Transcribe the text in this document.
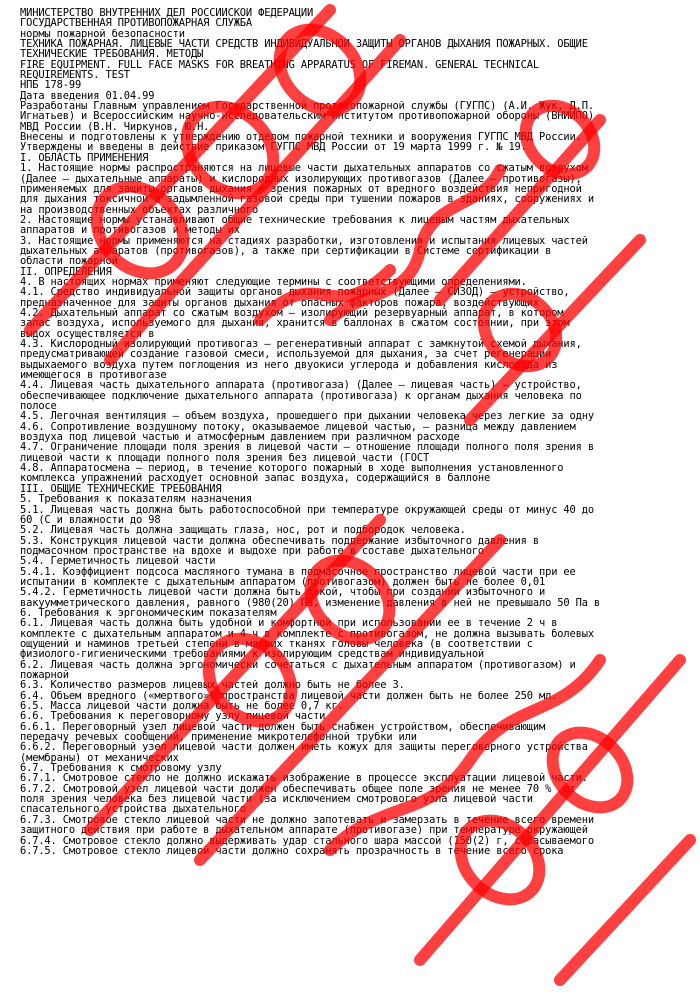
МИНИСТЕРСТВО ВНУТРЕННИХ ДЕЛ РОССИЙСКОЙ ФЕДЕРАЦИИ
ГОСУДАРСТВЕННАЯ ПРОТИВОПОЖАРНАЯ СЛУЖБА
нормы пожарной безопасности
ТЕХНИКА ПОЖАРНАЯ. ЛИЦЕВЫЕ ЧАСТИ СРЕДСТВ ИНДИВИДУАЛЬНОЙ ЗАЩИТЫ ОРГАНОВ ДЫХАНИЯ ПОЖАРНЫХ. ОБЩИЕ
ТЕХНИЧЕСКИЕ ТРЕБОВАНИЯ. МЕТОДЫ
FIRE EQUIPMENT. FULL FACE MASKS FOR BREATHING APPARATUS OF FIREMAN. GENERAL TECHNICAL
REQUIREMENTS. TEST
НПБ 178-99
Дата введения 01.04.99
Разработаны Главным управлением Государственной противопожарной службы (ГУГПС) (А.И. Жук, Д.П.
Игнатьев) и Всероссийским научно-исследовательским институтом противопожарной обороны (ВНИИПО)
МВД России (В.Н. Чиркунов, Ю.Н.
Внесены и подготовлены к утверждению отделом пожарной техники и вооружения ГУГПС МВД России.
Утверждены и введены в действие приказом ГУГПС МВД России от 19 марта 1999 г. № 19.
I. ОБЛАСТЬ ПРИМЕНЕНИЯ
1. Настоящие нормы распространяются на лицевые части дыхательных аппаратов со сжатым воздухом
(Далее – дыхательные аппараты) и кислородных изолирующих противогазов (Далее – противогазы),
применяемых для защиты органов дыхания и зрения пожарных от вредного воздействия непригодной
для дыхания токсичной и задымленной газовой среды при тушении пожаров в зданиях, сооружениях и
на производственных объектах различного
2. Настоящие нормы устанавливают общие технические требования к лицевым частям дыхательных
аппаратов и противогазов и методы их
3. Настоящие нормы применяются на стадиях разработки, изготовления и испытания лицевых частей
дыхательных аппаратов (противогазов), а также при сертификации в Системе сертификации в
области пожарной
II. ОПРЕДЕЛЕНИЯ
4. В настоящих нормах применяют следующие термины с соответствующими определениями.
4.1. Средство индивидуальной защиты органов дыхания пожарных (Далее – СИЗОД) – устройство,
предназначенное для защиты органов дыхания от опасных факторов пожара, воздействующих
4.2. Дыхательный аппарат со сжатым воздухом – изолирующий резервуарный аппарат, в котором
запас воздуха, используемого для дыхания, хранится в баллонах в сжатом состоянии, при этом
выдох осуществляется в
4.3. Кислородный изолирующий противогаз – регенеративный аппарат с замкнутой схемой дыхания,
предусматривающей создание газовой смеси, используемой для дыхания, за счет регенерации
выдыхаемого воздуха путем поглощения из него двуокиси углерода и добавления кислорода из
имеющегося в противогазе
4.4. Лицевая часть дыхательного аппарата (противогаза) (Далее – лицевая часть) – устройство,
обеспечивающее подключение дыхательного аппарата (противогаза) к органам дыхания человека по
полосе
4.5. Легочная вентиляция – объем воздуха, прошедшего при дыхании человека через легкие за одну
4.6. Сопротивление воздушному потоку, оказываемое лицевой частью, – разница между давлением
воздуха под лицевой частью и атмосферным давлением при различном расходе
4.7. Ограничение площади поля зрения в лицевой части – отношение площади полного поля зрения в
лицевой части к площади полного поля зрения без лицевой части (ГОСТ
4.8. Аппаратосмена – период, в течение которого пожарный в ходе выполнения установленного
комплекса упражнений расходует основной запас воздуха, содержащийся в баллоне
III. ОБЩИЕ ТЕХНИЧЕСКИЕ ТРЕБОВАНИЯ
5. Требования к показателям назначения
5.1. Лицевая часть должна быть работоспособной при температуре окружающей среды от минус 40 до
60 (С и влажности до 98
5.2. Лицевая часть должна защищать глаза, нос, рот и подбородок человека.
5.3. Конструкция лицевой части должна обеспечивать поддержание избыточного давления в
подмасочном пространстве на вдохе и выдохе при работе в составе дыхательного
5.4. Герметичность лицевой части
5.4.1. Коэффициент подсоса масляного тумана в подмасочное пространство лицевой части при ее
испытании в комплекте с дыхательным аппаратом (противогазом) должен быть не более 0,01
5.4.2. Герметичность лицевой части должна быть такой, чтобы при создании избыточного и
вакуумметрического давления, равного (980(20) Па, изменение давления в ней не превышало 50 Па в
6. Требования к эргономическим показателям
6.1. Лицевая часть должна быть удобной и комфортной при использовании ее в течение 2 ч в
комплекте с дыхательным аппаратом и 4 ч в комплекте с противогазом, не должна вызывать болевых
ощущений и наминов третьей степени в мягких тканях головы человека (в соответствии с
физиолого-гигиеническими требованиями к изолирующим средствам индивидуальной
6.2. Лицевая часть должна эргономически сочетаться с дыхательным аппаратом (противогазом) и
пожарной
6.3. Количество размеров лицевых частей должно быть не более 3.
6.4. Объем вредного («мертвого») пространства лицевой части должен быть не более 250 мл.
6.5. Масса лицевой части должна быть не более 0,7 кг.
6.6. Требования к переговорному узлу лицевой части
6.6.1. Переговорный узел лицевой части должен быть снабжен устройством, обеспечивающим
передачу речевых сообщений, применение микротелефонной трубки или
6.6.2. Переговорный узел лицевой части должен иметь кожух для защиты переговорного устройства
(мембраны) от механических
6.7. Требования к смотровому узлу
6.7.1. Смотровое стекло не должно искажать изображение в процессе эксплуатации лицевой части.
6.7.2. Смотровой узел лицевой части должен обеспечивать общее поле зрения не менее 70 %  от
поля зрения человека без лицевой части (за исключением смотрового узла лицевой части
спасательного устройства дыхательного
6.7.3. Смотровое стекло лицевой части не должно запотевать и замерзать в течение всего времени
защитного действия при работе в дыхательном аппарате (противогазе) при температуре окружающей
6.7.4. Смотровое стекло должно выдерживать удар стального шара массой (150(2) г, сбрасываемого
6.7.5. Смотровое стекло лицевой части должно сохранять прозрачность в течение всего срока
